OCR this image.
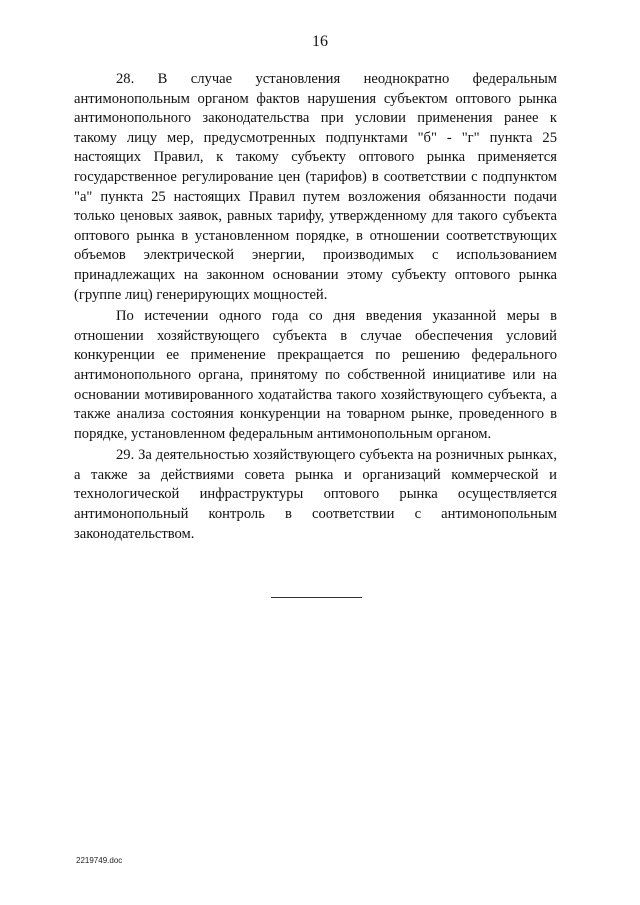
16

28. В случае установления неоднократно федеральным антимонопольным органом фактов нарушения субъектом оптового рынка антимонопольного законодательства при условии применения ранее к такому лицу мер, предусмотренных подпунктами "б" - "г" пункта 25 настоящих Правил, к такому субъекту оптового рынка применяется государственное регулирование цен (тарифов) в соответствии с подпунктом "а" пункта 25 настоящих Правил путем возложения обязанности подачи только ценовых заявок, равных тарифу, утвержденному для такого субъекта оптового рынка в установленном порядке, в отношении соответствующих объемов электрической энергии, производимых с использованием принадлежащих на законном основании этому субъекту оптового рынка (группе лиц) генерирующих мощностей.

По истечении одного года со дня введения указанной меры в отношении хозяйствующего субъекта в случае обеспечения условий конкуренции ее применение прекращается по решению федерального антимонопольного органа, принятому по собственной инициативе или на основании мотивированного ходатайства такого хозяйствующего субъекта, а также анализа состояния конкуренции на товарном рынке, проведенного в порядке, установленном федеральным антимонопольным органом.

29. За деятельностью хозяйствующего субъекта на розничных рынках, а также за действиями совета рынка и организаций коммерческой и технологической инфраструктуры оптового рынка осуществляется антимонопольный контроль в соответствии с антимонопольным законодательством.

2219749.doc
